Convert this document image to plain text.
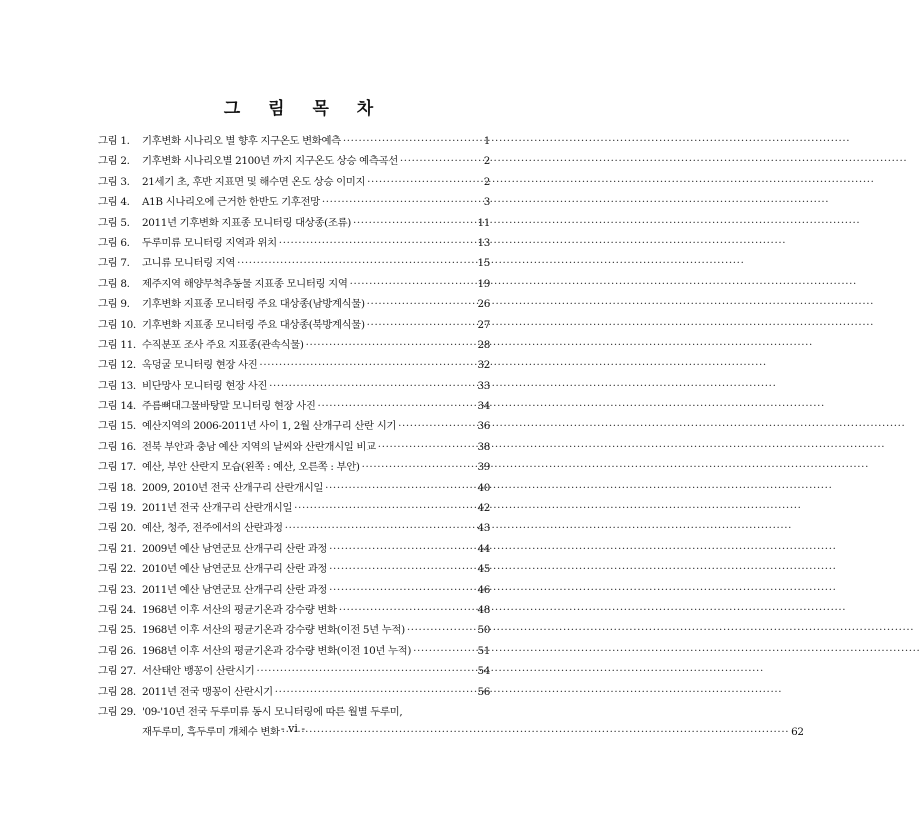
그 림 목 차
그림 1.	기후변화 시나리오 별 향후 지구온도 변화예측 ·····	1
그림 2.	기후변화 시나리오별 2100년 까지 지구온도 상승 예측곡선 ·····	2
그림 3.	21세기 초, 후반 지표면 및 해수면 온도 상승 이미지 ·····	2
그림 4.	A1B 시나리오에 근거한 한반도 기후전망 ·····	3
그림 5.	2011년 기후변화 지표종 모니터링 대상종(조류) ·····	11
그림 6.	두루미류 모니터링 지역과 위치 ·····	13
그림 7.	고니류 모니터링 지역 ·····	15
그림 8.	제주지역 해양무척추동물 지표종 모니터링 지역 ·····	19
그림 9.	기후변화 지표종 모니터링 주요 대상종(남방계식물) ·····	26
그림 10. 기후변화 지표종 모니터링 주요 대상종(북방계식물) ·····	27
그림 11. 수직분포 조사 주요 지표종(관속식물) ·····	28
그림 12. 옥덩굴 모니터링 현장 사진 ·····	32
그림 13. 비단망사 모니터링 현장 사진 ·····	33
그림 14. 주름뼈대그물바탕말 모니터링 현장 사진 ·····	34
그림 15. 예산지역의 2006-2011년 사이 1, 2월 산개구리 산란 시기 ·····	36
그림 16. 전북 부안과 충남 예산 지역의 날씨와 산란개시일 비교 ·····	38
그림 17. 예산, 부안 산란지 모습(왼쪽 : 예산, 오른쪽 : 부안) ·····	39
그림 18. 2009, 2010년 전국 산개구리 산란개시일 ·····	40
그림 19. 2011년 전국 산개구리 산란개시일 ·····	42
그림 20. 예산, 청주, 전주에서의 산란과정 ·····	43
그림 21. 2009년 예산 남연군묘 산개구리 산란 과정 ·····	44
그림 22. 2010년 예산 남연군묘 산개구리 산란 과정 ·····	45
그림 23. 2011년 예산 남연군묘 산개구리 산란 과정 ·····	46
그림 24. 1968년 이후 서산의 평균기온과 강수량 변화 ·····	48
그림 25. 1968년 이후 서산의 평균기온과 강수량 변화(이전 5년 누적) ·····	50
그림 26. 1968년 이후 서산의 평균기온과 강수량 변화(이전 10년 누적) ·····	51
그림 27. 서산태안 뱅꽁이 산란시기 ·····	54
그림 28. 2011년 전국 맹꽁이 산란시기 ·····	56
그림 29. '09-'10년 전국 두루미류 동시 모니터링에 따른 월별 두루미,
재두루미, 흑두루미 개체수 변화 ·····	62
- vi -
